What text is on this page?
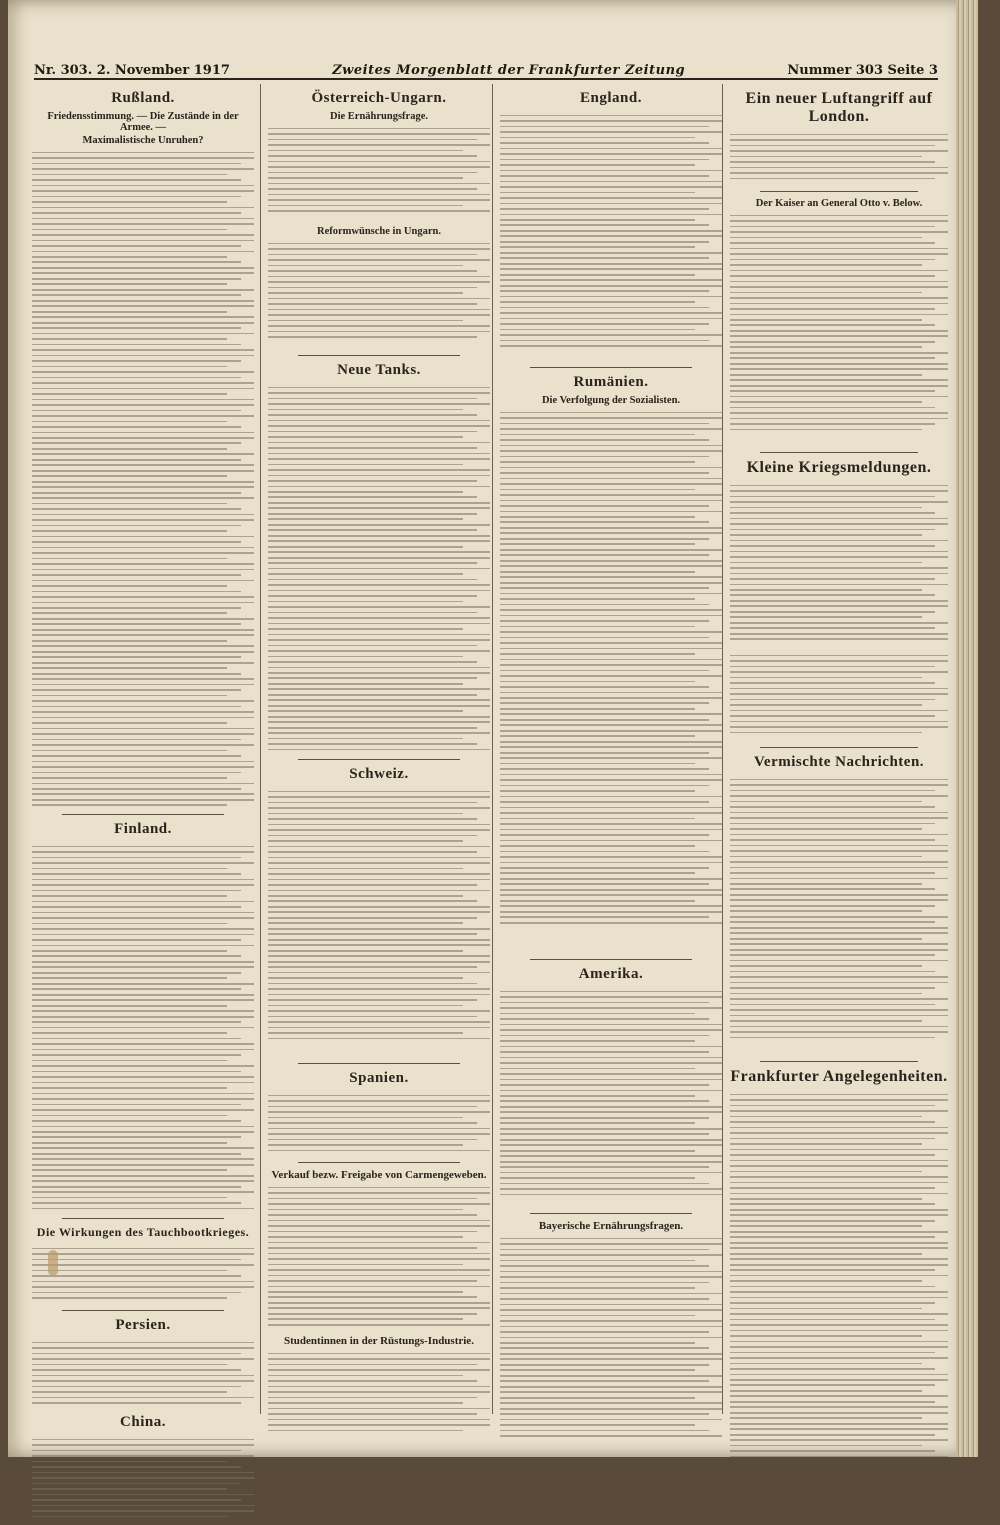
Nr. 303. 2. November 1917	Zweites Morgenblatt der Frankfurter Zeitung	Nummer 303 Seite 3
Rußland.
Friedensstimmung. — Die Zustände in der Armee. —
Maximalistische Unruhen?
Finland.
Die Wirkungen des Tauchbootkrieges.
Persien.
China.
Österreich-Ungarn.
Die Ernährungsfrage.
Reformwünsche in Ungarn.
Neue Tanks.
Schweiz.
Spanien.
Verkauf bezw. Freigabe von Carmengeweben.
Studentinnen in der Rüstungs-Industrie.
England.
Rumänien.
Die Verfolgung der Sozialisten.
Amerika.
Bayerische Ernährungsfragen.
Ein neuer Luftangriff auf London.
Der Kaiser an General Otto v. Below.
Kleine Kriegsmeldungen.
Vermischte Nachrichten.
Frankfurter Angelegenheiten.
